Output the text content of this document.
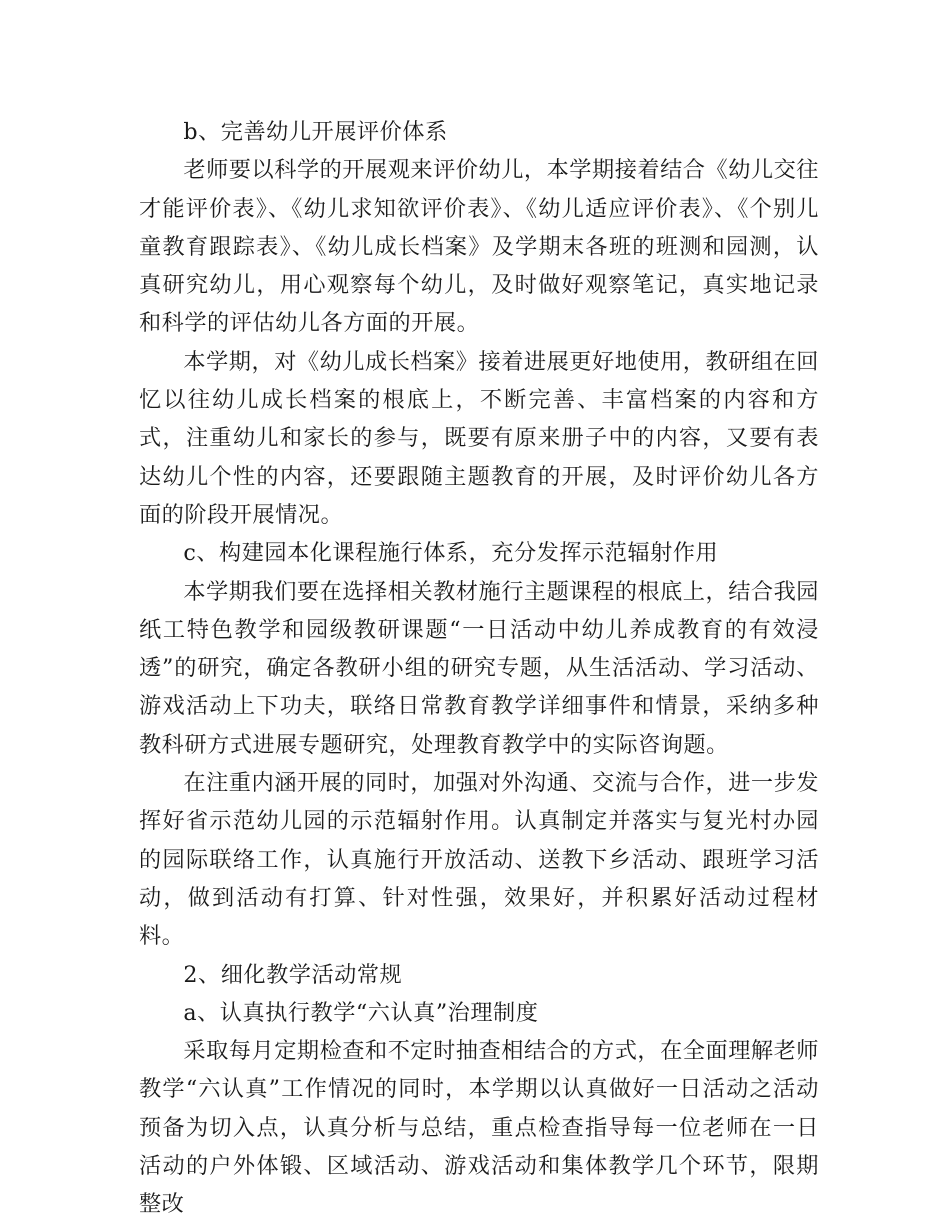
b、完善幼儿开展评价体系

老师要以科学的开展观来评价幼儿，本学期接着结合《幼儿交往才能评价表》、《幼儿求知欲评价表》、《幼儿适应评价表》、《个别儿童教育跟踪表》、《幼儿成长档案》及学期末各班的班测和园测，认真研究幼儿，用心观察每个幼儿，及时做好观察笔记，真实地记录和科学的评估幼儿各方面的开展。

本学期，对《幼儿成长档案》接着进展更好地使用，教研组在回忆以往幼儿成长档案的根底上，不断完善、丰富档案的内容和方式，注重幼儿和家长的参与，既要有原来册子中的内容，又要有表达幼儿个性的内容，还要跟随主题教育的开展，及时评价幼儿各方面的阶段开展情况。

c、构建园本化课程施行体系，充分发挥示范辐射作用

本学期我们要在选择相关教材施行主题课程的根底上，结合我园纸工特色教学和园级教研课题“一日活动中幼儿养成教育的有效浸透”的研究，确定各教研小组的研究专题，从生活活动、学习活动、游戏活动上下功夫，联络日常教育教学详细事件和情景，采纳多种教科研方式进展专题研究，处理教育教学中的实际咨询题。

在注重内涵开展的同时，加强对外沟通、交流与合作，进一步发挥好省示范幼儿园的示范辐射作用。认真制定并落实与复光村办园的园际联络工作，认真施行开放活动、送教下乡活动、跟班学习活动，做到活动有打算、针对性强，效果好，并积累好活动过程材料。

2、细化教学活动常规

a、认真执行教学“六认真”治理制度

采取每月定期检查和不定时抽查相结合的方式，在全面理解老师教学“六认真”工作情况的同时，本学期以认真做好一日活动之活动预备为切入点，认真分析与总结，重点检查指导每一位老师在一日活动的户外体锻、区域活动、游戏活动和集体教学几个环节，限期整改
